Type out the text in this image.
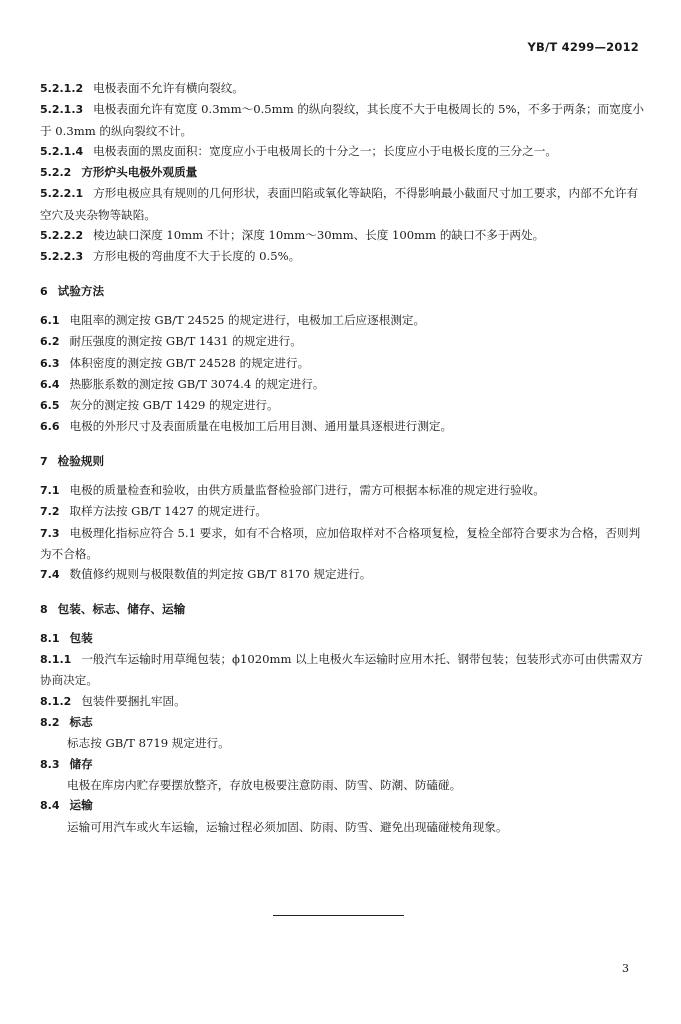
YB/T 4299—2012

5.2.1.2 电极表面不允许有横向裂纹。

5.2.1.3 电极表面允许有宽度 0.3mm～0.5mm 的纵向裂纹，其长度不大于电极周长的 5%，不多于两条；而宽度小于 0.3mm 的纵向裂纹不计。

5.2.1.4 电极表面的黑皮面积：宽度应小于电极周长的十分之一；长度应小于电极长度的三分之一。

5.2.2 方形炉头电极外观质量

5.2.2.1 方形电极应具有规则的几何形状，表面凹陷或氧化等缺陷，不得影响最小截面尺寸加工要求，内部不允许有空穴及夹杂物等缺陷。

5.2.2.2 棱边缺口深度 10mm 不计；深度 10mm～30mm、长度 100mm 的缺口不多于两处。

5.2.2.3 方形电极的弯曲度不大于长度的 0.5%。

6 试验方法

6.1 电阻率的测定按 GB/T 24525 的规定进行，电极加工后应逐根测定。

6.2 耐压强度的测定按 GB/T 1431 的规定进行。

6.3 体积密度的测定按 GB/T 24528 的规定进行。

6.4 热膨胀系数的测定按 GB/T 3074.4 的规定进行。

6.5 灰分的测定按 GB/T 1429 的规定进行。

6.6 电极的外形尺寸及表面质量在电极加工后用目测、通用量具逐根进行测定。

7 检验规则

7.1 电极的质量检查和验收，由供方质量监督检验部门进行，需方可根据本标准的规定进行验收。

7.2 取样方法按 GB/T 1427 的规定进行。

7.3 电极理化指标应符合 5.1 要求，如有不合格项，应加倍取样对不合格项复检，复检全部符合要求为合格，否则判为不合格。

7.4 数值修约规则与极限数值的判定按 GB/T 8170 规定进行。

8 包装、标志、储存、运输

8.1 包装

8.1.1 一般汽车运输时用草绳包装；ϕ1020mm 以上电极火车运输时应用木托、钢带包装；包装形式亦可由供需双方协商决定。

8.1.2 包装件要捆扎牢固。

8.2 标志

标志按 GB/T 8719 规定进行。

8.3 储存

电极在库房内贮存要摆放整齐，存放电极要注意防雨、防雪、防潮、防磕碰。

8.4 运输

运输可用汽车或火车运输，运输过程必须加固、防雨、防雪、避免出现磕碰棱角现象。

3
